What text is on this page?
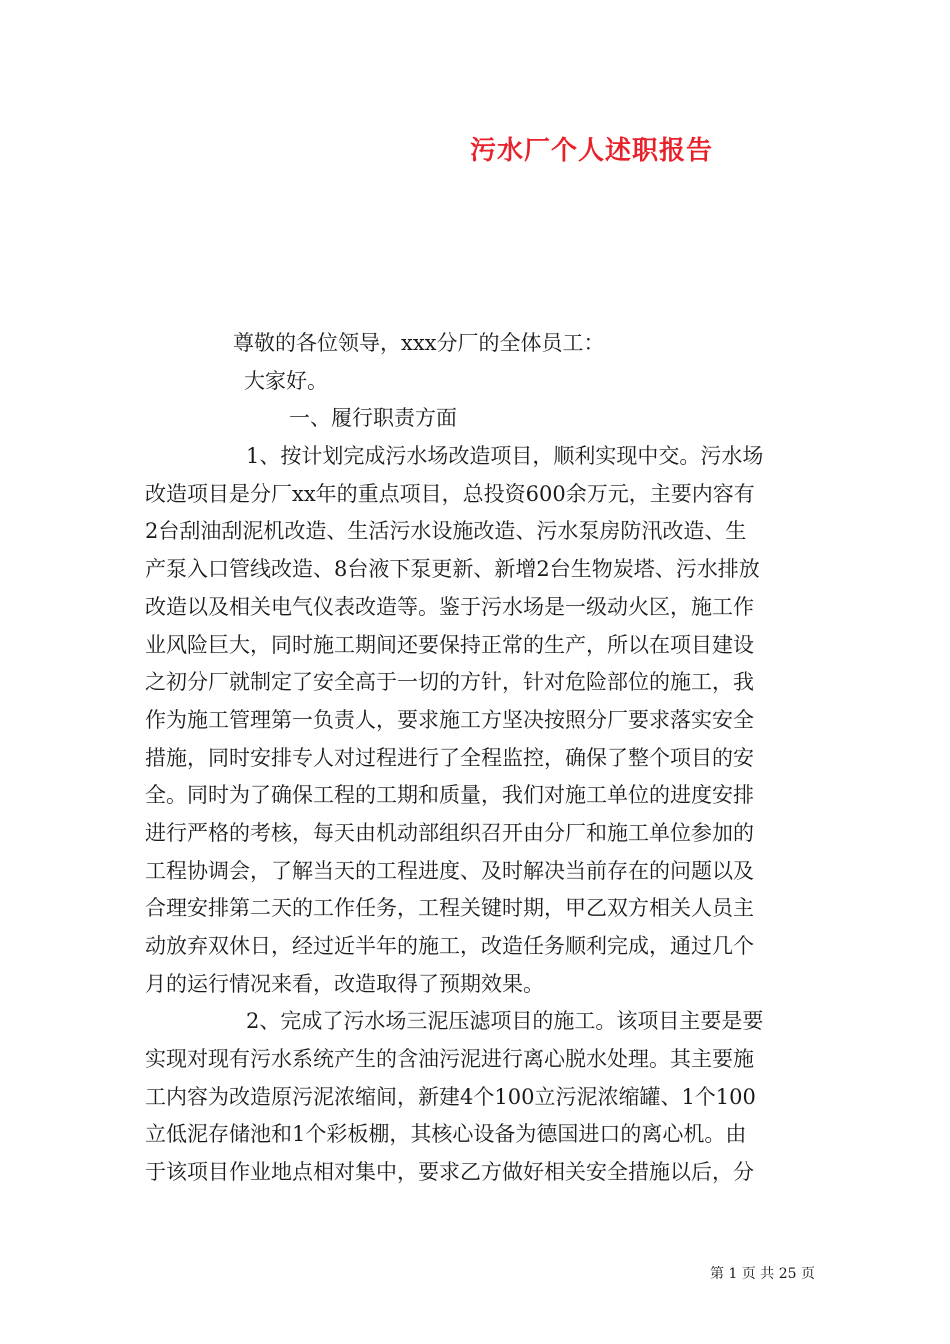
污水厂个人述职报告
尊敬的各位领导，xxx分厂的全体员工：
大家好。
一、履行职责方面
1、按计划完成污水场改造项目，顺利实现中交。污水场
改造项目是分厂xx年的重点项目，总投资600余万元，主要内容有
2台刮油刮泥机改造、生活污水设施改造、污水泵房防汛改造、生
产泵入口管线改造、8台液下泵更新、新增2台生物炭塔、污水排放
改造以及相关电气仪表改造等。鉴于污水场是一级动火区，施工作
业风险巨大，同时施工期间还要保持正常的生产，所以在项目建设
之初分厂就制定了安全高于一切的方针，针对危险部位的施工，我
作为施工管理第一负责人，要求施工方坚决按照分厂要求落实安全
措施，同时安排专人对过程进行了全程监控，确保了整个项目的安
全。同时为了确保工程的工期和质量，我们对施工单位的进度安排
进行严格的考核，每天由机动部组织召开由分厂和施工单位参加的
工程协调会，了解当天的工程进度、及时解决当前存在的问题以及
合理安排第二天的工作任务，工程关键时期，甲乙双方相关人员主
动放弃双休日，经过近半年的施工，改造任务顺利完成，通过几个
月的运行情况来看，改造取得了预期效果。
2、完成了污水场三泥压滤项目的施工。该项目主要是要
实现对现有污水系统产生的含油污泥进行离心脱水处理。其主要施
工内容为改造原污泥浓缩间，新建4个100立污泥浓缩罐、1个100
立低泥存储池和1个彩板棚，其核心设备为德国进口的离心机。由
于该项目作业地点相对集中，要求乙方做好相关安全措施以后，分
第 1 页 共 25 页
